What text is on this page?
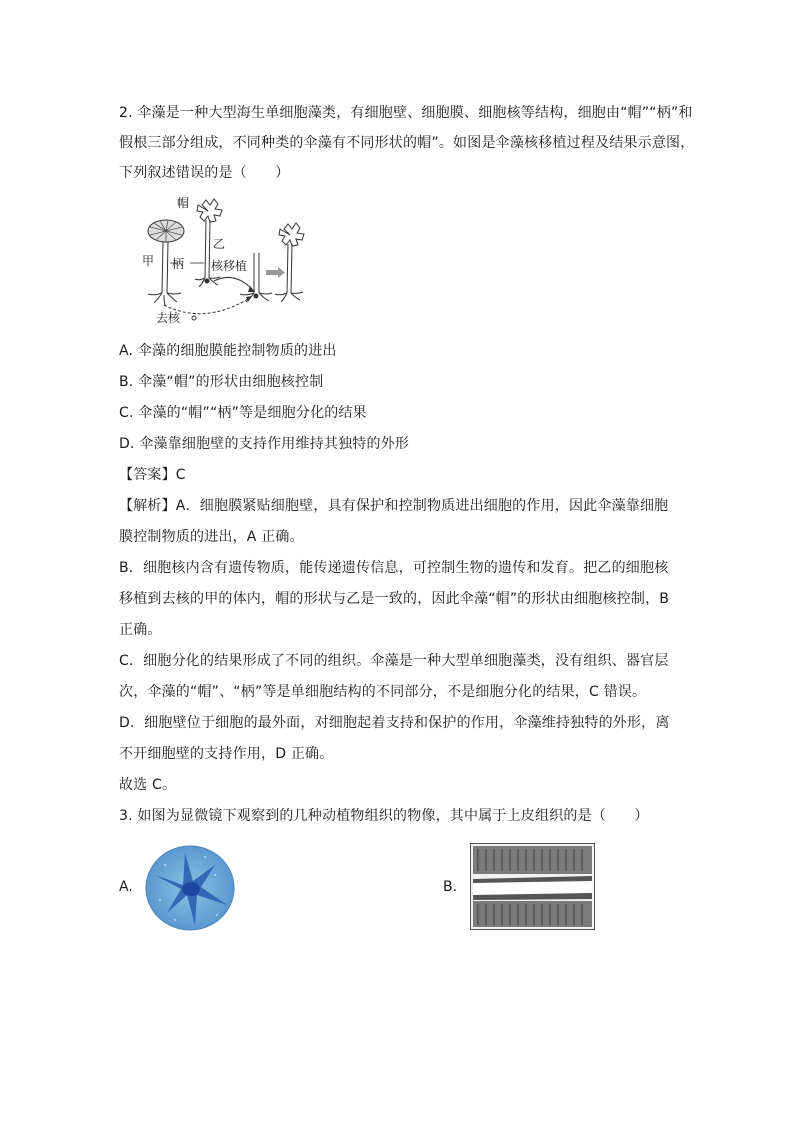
2. 伞藻是一种大型海生单细胞藻类，有细胞壁、细胞膜、细胞核等结构，细胞由“帽”“柄”和
假根三部分组成，不同种类的伞藻有不同形状的帽”。如图是伞藻核移植过程及结果示意图，
下列叙述错误的是（　　）
帽
甲 柄
乙
核移植
去核
A. 伞藻的细胞膜能控制物质的进出
B. 伞藻“帽”的形状由细胞核控制
C. 伞藻的“帽”“柄”等是细胞分化的结果
D. 伞藻靠细胞壁的支持作用维持其独特的外形
【答案】C
【解析】A．细胞膜紧贴细胞壁，具有保护和控制物质进出细胞的作用，因此伞藻靠细胞
膜控制物质的进出，A 正确。
B．细胞核内含有遗传物质，能传递遗传信息，可控制生物的遗传和发育。把乙的细胞核
移植到去核的甲的体内，帽的形状与乙是一致的，因此伞藻“帽”的形状由细胞核控制，B
正确。
C．细胞分化的结果形成了不同的组织。伞藻是一种大型单细胞藻类，没有组织、器官层
次，伞藻的“帽”、“柄”等是单细胞结构的不同部分，不是细胞分化的结果，C 错误。
D．细胞壁位于细胞的最外面，对细胞起着支持和保护的作用，伞藻维持独特的外形，离
不开细胞壁的支持作用，D 正确。
故选 C。
3. 如图为显微镜下观察到的几种动植物组织的物像，其中属于上皮组织的是（　　）
A.	B.
